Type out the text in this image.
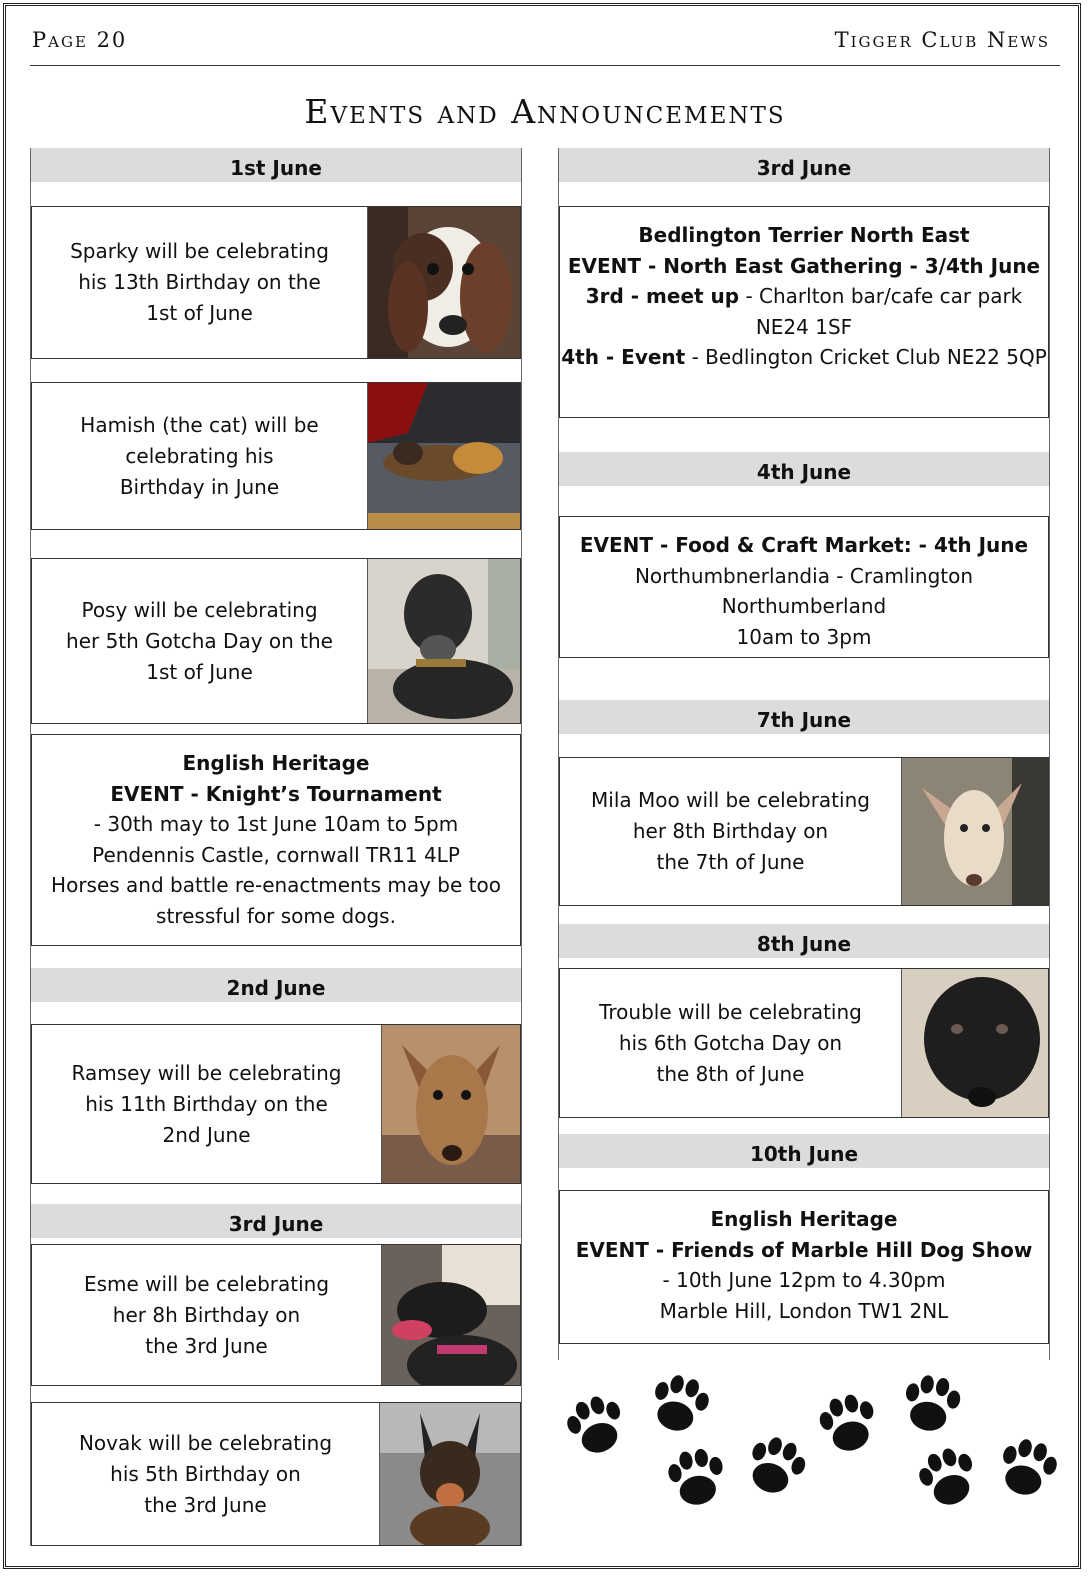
Page 20	Tigger Club News
Events and Announcements
1st June
Sparky will be celebrating
his 13th Birthday on the
1st of June
Hamish (the cat) will be
celebrating his
Birthday in June
Posy will be celebrating
her 5th Gotcha Day on the
1st of June
English Heritage
EVENT - Knight’s Tournament
- 30th may to 1st June 10am to 5pm
Pendennis Castle, cornwall TR11 4LP
Horses and battle re-enactments may be too
stressful for some dogs.
2nd June
Ramsey will be celebrating
his 11th Birthday on the
2nd June
3rd June
Esme will be celebrating
her 8h Birthday on
the 3rd June
Novak will be celebrating
his 5th Birthday on
the 3rd June
3rd June
Bedlington Terrier North East
EVENT - North East Gathering - 3/4th June
3rd - meet up - Charlton bar/cafe car park
NE24 1SF
4th - Event - Bedlington Cricket Club NE22 5QP
4th June
EVENT - Food & Craft Market: - 4th June
Northumbnerlandia - Cramlington
Northumberland
10am to 3pm
7th June
Mila Moo will be celebrating
her 8th Birthday on
the 7th of June
8th June
Trouble will be celebrating
his 6th Gotcha Day on
the 8th of June
10th June
English Heritage
EVENT - Friends of Marble Hill Dog Show
- 10th June 12pm to 4.30pm
Marble Hill, London TW1 2NL
